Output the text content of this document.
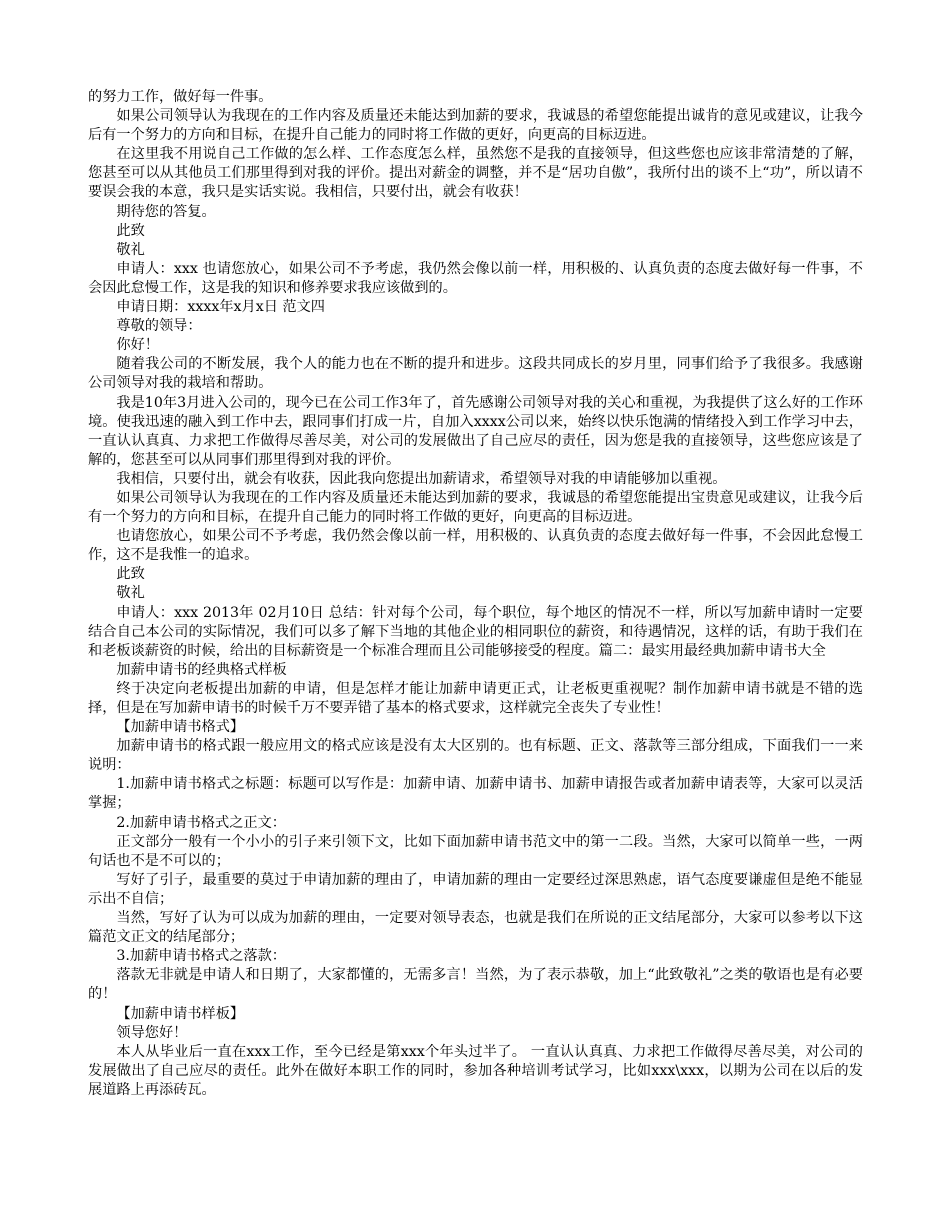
的努力工作，做好每一件事。

如果公司领导认为我现在的工作内容及质量还未能达到加薪的要求，我诚恳的希望您能提出诚肯的意见或建议，让我今后有一个努力的方向和目标，在提升自己能力的同时将工作做的更好，向更高的目标迈进。

在这里我不用说自己工作做的怎么样、工作态度怎么样，虽然您不是我的直接领导，但这些您也应该非常清楚的了解，您甚至可以从其他员工们那里得到对我的评价。提出对薪金的调整，并不是“居功自傲”，我所付出的谈不上“功”，所以请不要误会我的本意，我只是实话实说。我相信，只要付出，就会有收获！

期待您的答复。

此致

敬礼

申请人：xxx 也请您放心，如果公司不予考虑，我仍然会像以前一样，用积极的、认真负责的态度去做好每一件事，不会因此怠慢工作，这是我的知识和修养要求我应该做到的。

申请日期：xxxx年x月x日 范文四

尊敬的领导：

你好！

随着我公司的不断发展，我个人的能力也在不断的提升和进步。这段共同成长的岁月里，同事们给予了我很多。我感谢公司领导对我的栽培和帮助。

我是10年3月进入公司的，现今已在公司工作3年了，首先感谢公司领导对我的关心和重视，为我提供了这么好的工作环境。使我迅速的融入到工作中去，跟同事们打成一片，自加入xxxx公司以来，始终以快乐饱满的情绪投入到工作学习中去，一直认认真真、力求把工作做得尽善尽美，对公司的发展做出了自己应尽的责任，因为您是我的直接领导，这些您应该是了解的，您甚至可以从同事们那里得到对我的评价。

我相信，只要付出，就会有收获，因此我向您提出加薪请求，希望领导对我的申请能够加以重视。

如果公司领导认为我现在的工作内容及质量还未能达到加薪的要求，我诚恳的希望您能提出宝贵意见或建议，让我今后有一个努力的方向和目标，在提升自己能力的同时将工作做的更好，向更高的目标迈进。

也请您放心，如果公司不予考虑，我仍然会像以前一样，用积极的、认真负责的态度去做好每一件事，不会因此怠慢工作，这不是我惟一的追求。

此致

敬礼

申请人：xxx 2013年 02月10日 总结：针对每个公司，每个职位，每个地区的情况不一样，所以写加薪申请时一定要结合自己本公司的实际情况，我们可以多了解下当地的其他企业的相同职位的薪资，和待遇情况，这样的话，有助于我们在和老板谈薪资的时候，给出的目标薪资是一个标准合理而且公司能够接受的程度。篇二：最实用最经典加薪申请书大全

加薪申请书的经典格式样板

终于决定向老板提出加薪的申请，但是怎样才能让加薪申请更正式，让老板更重视呢？制作加薪申请书就是不错的选择，但是在写加薪申请书的时候千万不要弄错了基本的格式要求，这样就完全丧失了专业性！

【加薪申请书格式】

加薪申请书的格式跟一般应用文的格式应该是没有太大区别的。也有标题、正文、落款等三部分组成，下面我们一一来说明：

1.加薪申请书格式之标题：标题可以写作是：加薪申请、加薪申请书、加薪申请报告或者加薪申请表等，大家可以灵活掌握；

2.加薪申请书格式之正文：

正文部分一般有一个小小的引子来引领下文，比如下面加薪申请书范文中的第一二段。当然，大家可以简单一些，一两句话也不是不可以的；

写好了引子，最重要的莫过于申请加薪的理由了，申请加薪的理由一定要经过深思熟虑，语气态度要谦虚但是绝不能显示出不自信；

当然，写好了认为可以成为加薪的理由，一定要对领导表态，也就是我们在所说的正文结尾部分，大家可以参考以下这篇范文正文的结尾部分；

3.加薪申请书格式之落款：

落款无非就是申请人和日期了，大家都懂的，无需多言！当然，为了表示恭敬，加上“此致敬礼”之类的敬语也是有必要的！

【加薪申请书样板】

领导您好！

本人从毕业后一直在xxx工作，至今已经是第xxx个年头过半了。 一直认认真真、力求把工作做得尽善尽美，对公司的发展做出了自己应尽的责任。此外在做好本职工作的同时，参加各种培训考试学习，比如xxx\xxx，以期为公司在以后的发展道路上再添砖瓦。
